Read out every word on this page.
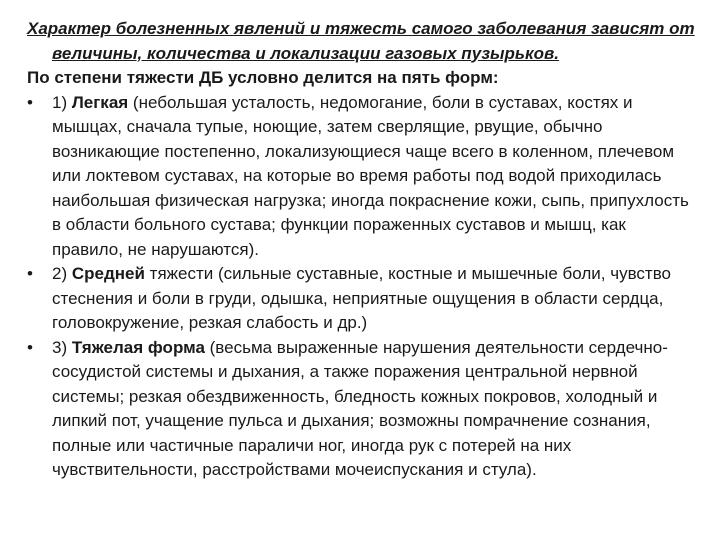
Характер болезненных явлений и тяжесть самого заболевания зависят от величины, количества и локализации газовых пузырьков.

По степени тяжести ДБ условно делится на пять форм:

•	1) Легкая (небольшая усталость, недомогание, боли в суставах, костях и мышцах, сначала тупые, ноющие, затем сверлящие, рвущие, обычно возникающие постепенно, локализующиеся чаще всего в коленном, плечевом или локтевом суставах, на которые во время работы под водой приходилась наибольшая физическая нагрузка; иногда покраснение кожи, сыпь, припухлость в области больного сустава; функции пораженных суставов и мышц, как правило, не нарушаются).
•	2) Средней тяжести (сильные суставные, костные и мышечные боли, чувство стеснения и боли в груди, одышка, неприятные ощущения в области сердца, головокружение, резкая слабость и др.)
•	3) Тяжелая форма (весьма выраженные нарушения деятельности сердечно-сосудистой системы и дыхания, а также поражения центральной нервной системы; резкая обездвиженность, бледность кожных покровов, холодный и липкий пот, учащение пульса и дыхания; возможны помрачнение сознания, полные или частичные параличи ног, иногда рук с потерей на них чувствительности, расстройствами мочеиспускания и стула).
